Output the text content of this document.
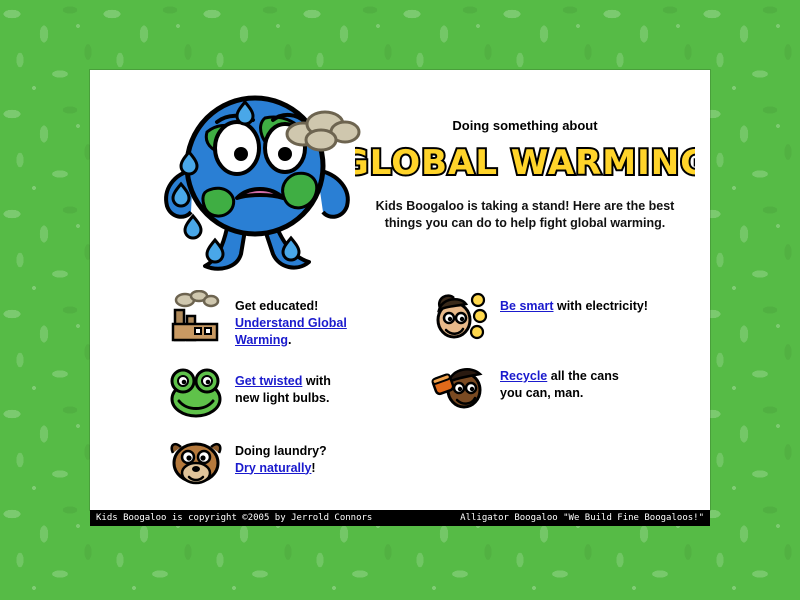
Doing something about
GLOBAL WARMING
Kids Boogaloo is taking a stand! Here are the best things you can do to help fight global warming.
Get educated!
Understand Global Warming.
Get twisted with
new light bulbs.
Doing laundry?
Dry naturally!
Be smart with electricity!
Recycle all the cans
you can, man.
Kids Boogaloo is copyright ©2005 by Jerrold Connors	Alligator Boogaloo "We Build Fine Boogaloos!"
